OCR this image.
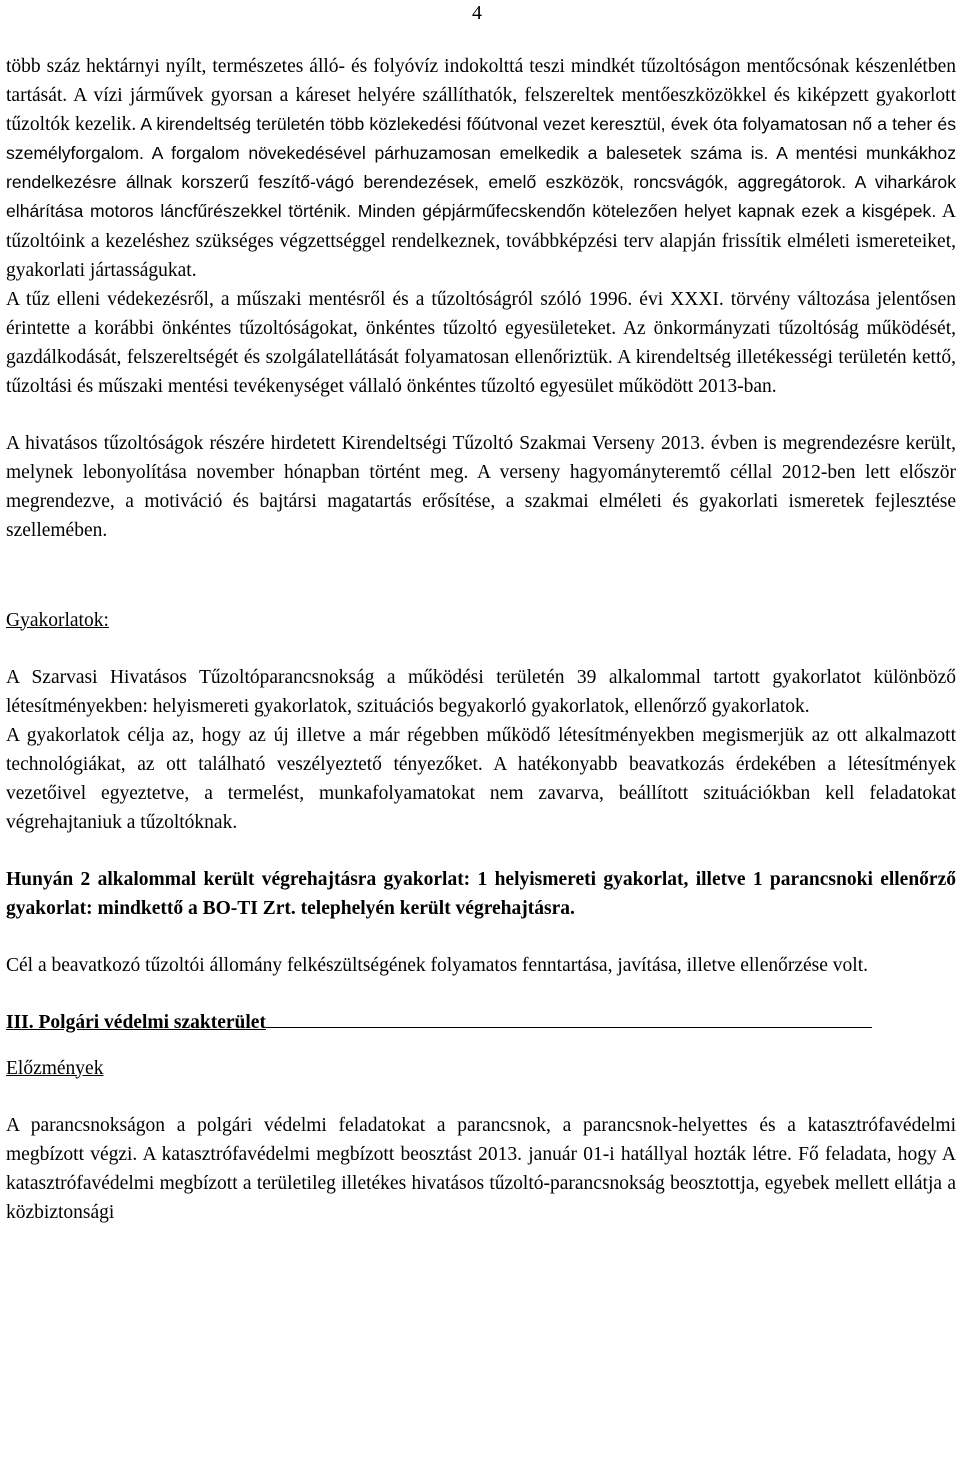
4

több száz hektárnyi nyílt, természetes álló- és folyóvíz indokolttá teszi mindkét tűzoltóságon mentőcsónak készenlétben tartását. A vízi járművek gyorsan a káreset helyére szállíthatók, felszereltek mentőeszközökkel és kiképzett gyakorlott tűzoltók kezelik. A kirendeltség területén több közlekedési főútvonal vezet keresztül, évek óta folyamatosan nő a teher és személyforgalom. A forgalom növekedésével párhuzamosan emelkedik a balesetek száma is. A mentési munkákhoz rendelkezésre állnak korszerű feszítő-vágó berendezések, emelő eszközök, roncsvágók, aggregátorok. A viharkárok elhárítása motoros láncfűrészekkel történik. Minden gépjárműfecskendőn kötelezően helyet kapnak ezek a kisgépek. A tűzoltóink a kezeléshez szükséges végzettséggel rendelkeznek, továbbképzési terv alapján frissítik elméleti ismereteiket, gyakorlati jártasságukat.

A tűz elleni védekezésről, a műszaki mentésről és a tűzoltóságról szóló 1996. évi XXXI. törvény változása jelentősen érintette a korábbi önkéntes tűzoltóságokat, önkéntes tűzoltó egyesületeket. Az önkormányzati tűzoltóság működését, gazdálkodását, felszereltségét és szolgálatellátását folyamatosan ellenőriztük. A kirendeltség illetékességi területén kettő, tűzoltási és műszaki mentési tevékenységet vállaló önkéntes tűzoltó egyesület működött 2013-ban.

A hivatásos tűzoltóságok részére hirdetett Kirendeltségi Tűzoltó Szakmai Verseny 2013. évben is megrendezésre került, melynek lebonyolítása november hónapban történt meg. A verseny hagyományteremtő céllal 2012-ben lett először megrendezve, a motiváció és bajtársi magatartás erősítése, a szakmai elméleti és gyakorlati ismeretek fejlesztése szellemében.

Gyakorlatok:

A Szarvasi Hivatásos Tűzoltóparancsnokság a működési területén 39 alkalommal tartott gyakorlatot különböző létesítményekben: helyismereti gyakorlatok, szituációs begyakorló gyakorlatok, ellenőrző gyakorlatok.

A gyakorlatok célja az, hogy az új illetve a már régebben működő létesítményekben megismerjük az ott alkalmazott technológiákat, az ott található veszélyeztető tényezőket. A hatékonyabb beavatkozás érdekében a létesítmények vezetőivel egyeztetve, a termelést, munkafolyamatokat nem zavarva, beállított szituációkban kell feladatokat végrehajtaniuk a tűzoltóknak.

Hunyán 2 alkalommal került végrehajtásra gyakorlat: 1 helyismereti gyakorlat, illetve 1 parancsnoki ellenőrző gyakorlat: mindkettő a BO-TI Zrt. telephelyén került végrehajtásra.

Cél a beavatkozó tűzoltói állomány felkészültségének folyamatos fenntartása, javítása, illetve ellenőrzése volt.

III. Polgári védelmi szakterület

Előzmények

A parancsnokságon a polgári védelmi feladatokat a parancsnok, a parancsnok-helyettes és a katasztrófavédelmi megbízott végzi. A katasztrófavédelmi megbízott beosztást 2013. január 01-i hatállyal hozták létre. Fő feladata, hogy A katasztrófavédelmi megbízott a területileg illetékes hivatásos tűzoltó-parancsnokság beosztottja, egyebek mellett ellátja a közbiztonsági
